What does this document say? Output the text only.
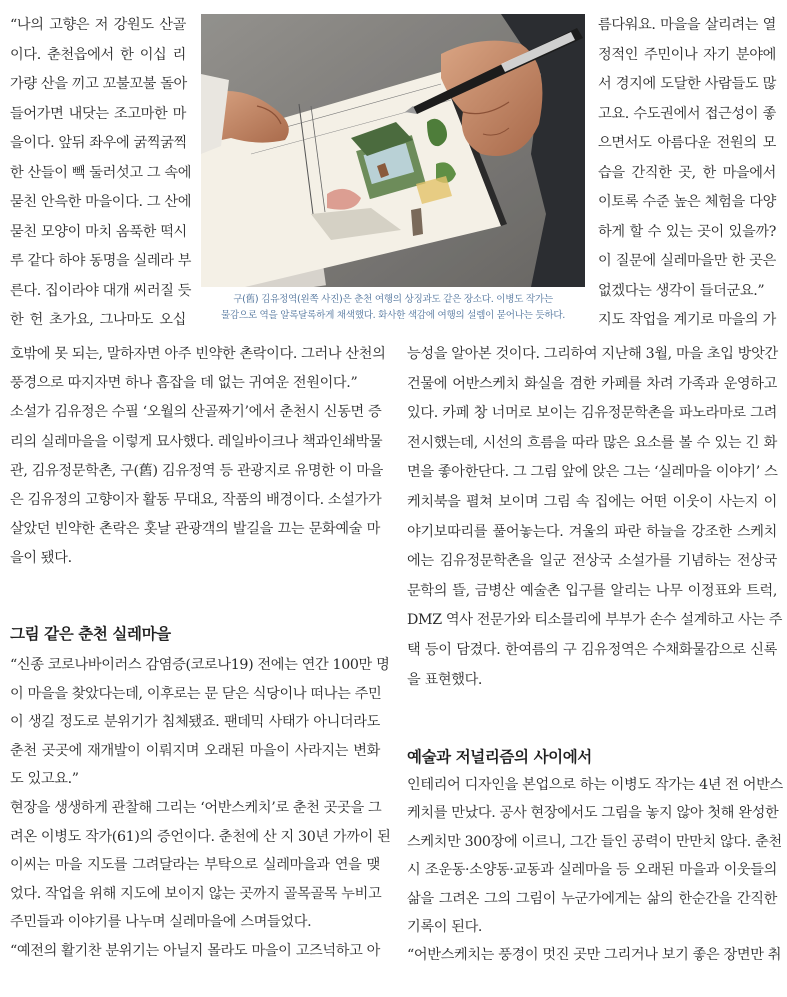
구(舊) 김유정역(왼쪽 사진)은 춘천 여행의 상징과도 같은 장소다. 이병도 작가는
물감으로 역을 알록달록하게 채색했다. 화사한 색감에 여행의 설렘이 묻어나는 듯하다.
“나의 고향은 저 강원도 산골
이다. 춘천읍에서 한 이십 리
가량 산을 끼고 꼬불꼬불 돌아
들어가면 내닷는 조고마한 마
을이다. 앞뒤 좌우에 굵찍굵찍
한 산들이 빽 둘러섯고 그 속에
묻친 안윽한 마을이다. 그 산에
묻친 모양이 마치 옴푹한 떡시
루 같다 하야 동명을 실레라 부
른다. 집이라야 대개 씨러질 듯
한 헌 초가요, 그나마도 오십
호밖에 못 되는, 말하자면 아주 빈약한 촌락이다. 그러나 산천의
풍경으로 따지자면 하나 흠잡을 데 없는 귀여운 전원이다.”
소설가 김유정은 수필 ‘오월의 산골짜기’에서 춘천시 신동면 증
리의 실레마을을 이렇게 묘사했다. 레일바이크나 책과인쇄박물
관, 김유정문학촌, 구(舊) 김유정역 등 관광지로 유명한 이 마을
은 김유정의 고향이자 활동 무대요, 작품의 배경이다. 소설가가
살았던 빈약한 촌락은 홋날 관광객의 발길을 끄는 문화예술 마
을이 됐다.
그림 같은 춘천 실레마을
“신종 코로나바이러스 감염증(코로나19) 전에는 연간 100만 명
이 마을을 찾았다는데, 이후로는 문 닫은 식당이나 떠나는 주민
이 생길 정도로 분위기가 침체됐죠. 팬데믹 사태가 아니더라도
춘천 곳곳에 재개발이 이뤄지며 오래된 마을이 사라지는 변화
도 있고요.”
현장을 생생하게 관찰해 그리는 ‘어반스케치’로 춘천 곳곳을 그
려온 이병도 작가(61)의 증언이다. 춘천에 산 지 30년 가까이 된
이씨는 마을 지도를 그려달라는 부탁으로 실레마을과 연을 맺
었다. 작업을 위해 지도에 보이지 않는 곳까지 골목골목 누비고
주민들과 이야기를 나누며 실레마을에 스며들었다.
“예전의 활기찬 분위기는 아닐지 몰라도 마을이 고즈넉하고 아
름다워요. 마을을 살리려는 열
정적인 주민이나 자기 분야에
서 경지에 도달한 사람들도 많
고요. 수도권에서 접근성이 좋
으면서도 아름다운 전원의 모
습을 간직한 곳, 한 마을에서
이토록 수준 높은 체험을 다양
하게 할 수 있는 곳이 있을까?
이 질문에 실레마을만 한 곳은
없겠다는 생각이 들더군요.”
지도 작업을 계기로 마을의 가
능성을 알아본 것이다. 그리하여 지난해 3월, 마을 초입 방앗간
건물에 어반스케치 화실을 겸한 카페를 차려 가족과 운영하고
있다. 카페 창 너머로 보이는 김유정문학촌을 파노라마로 그려
전시했는데, 시선의 흐름을 따라 많은 요소를 볼 수 있는 긴 화
면을 좋아한단다. 그 그림 앞에 앉은 그는 ‘실레마을 이야기’ 스
케치북을 펼쳐 보이며 그림 속 집에는 어떤 이웃이 사는지 이
야기보따리를 풀어놓는다. 겨울의 파란 하늘을 강조한 스케치
에는 김유정문학촌을 일군 전상국 소설가를 기념하는 전상국
문학의 뜰, 금병산 예술촌 입구를 알리는 나무 이정표와 트럭,
DMZ 역사 전문가와 티소믈리에 부부가 손수 설계하고 사는 주
택 등이 담겼다. 한여름의 구 김유정역은 수채화물감으로 신록
을 표현했다.
예술과 저널리즘의 사이에서
인테리어 디자인을 본업으로 하는 이병도 작가는 4년 전 어반스
케치를 만났다. 공사 현장에서도 그림을 놓지 않아 첫해 완성한
스케치만 300장에 이르니, 그간 들인 공력이 만만치 않다. 춘천
시 조운동·소양동·교동과 실레마을 등 오래된 마을과 이웃들의
삶을 그려온 그의 그림이 누군가에게는 삶의 한순간을 간직한
기록이 된다.
“어반스케치는 풍경이 멋진 곳만 그리거나 보기 좋은 장면만 취
